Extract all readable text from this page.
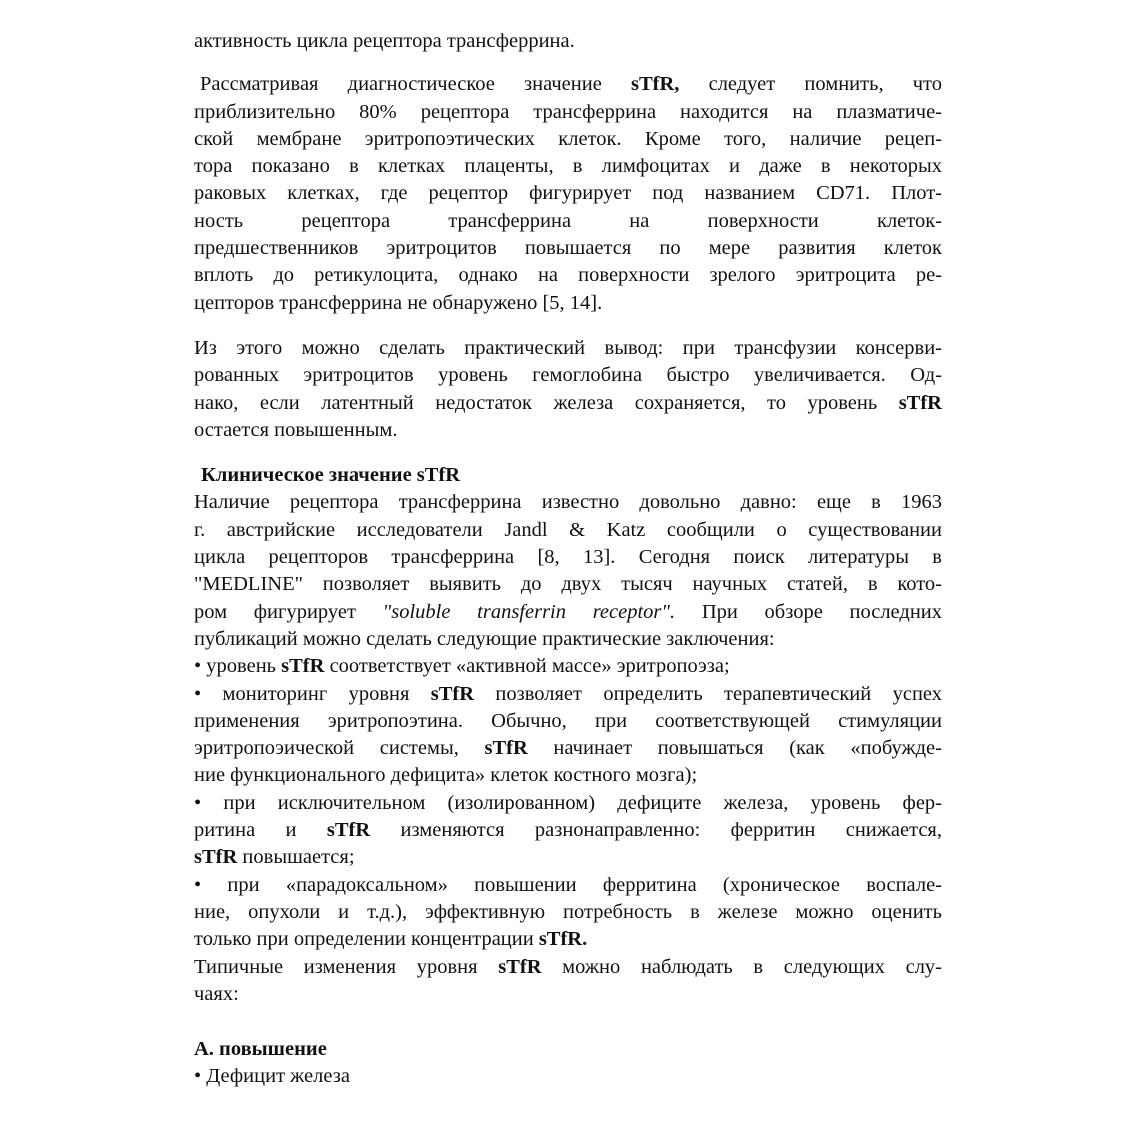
активность цикла рецептора трансферрина.
Рассматривая диагностическое значение sTfR, следует помнить, что
приблизительно 80% рецептора трансферрина находится на плазматиче-
ской мембране эритропоэтических клеток. Кроме того, наличие рецеп-
тора показано в клетках плаценты, в лимфоцитах и даже в некоторых
раковых клетках, где рецептор фигурирует под названием CD71. Плот-
ность рецептора трансферрина на поверхности клеток-
предшественников эритроцитов повышается по мере развития клеток
вплоть до ретикулоцита, однако на поверхности зрелого эритроцита ре-
цепторов трансферрина не обнаружено [5, 14].
Из этого можно сделать практический вывод: при трансфузии консерви-
рованных эритроцитов уровень гемоглобина быстро увеличивается. Од-
нако, если латентный недостаток железа сохраняется, то уровень sTfR
остается повышенным.
Клиническое значение sTfR
Наличие рецептора трансферрина известно довольно давно: еще в 1963
г. австрийские исследователи Jandl & Katz сообщили о существовании
цикла рецепторов трансферрина [8, 13]. Сегодня поиск литературы в
"MEDLINE" позволяет выявить до двух тысяч научных статей, в кото-
ром фигурирует "soluble transferrin receptor". При обзоре последних
публикаций можно сделать следующие практические заключения:
• уровень sTfR соответствует «активной массе» эритропоэза;
• мониторинг уровня sTfR позволяет определить терапевтический успех
применения эритропоэтина. Обычно, при соответствующей стимуляции
эритропоэической системы, sTfR начинает повышаться (как «побужде-
ние функционального дефицита» клеток костного мозга);
• при исключительном (изолированном) дефиците железа, уровень фер-
ритина и sTfR изменяются разнонаправленно: ферритин снижается,
sTfR повышается;
• при «парадоксальном» повышении ферритина (хроническое воспале-
ние, опухоли и т.д.), эффективную потребность в железе можно оценить
только при определении концентрации sTfR.
Типичные изменения уровня sTfR можно наблюдать в следующих слу-
чаях:
А. повышение
• Дефицит железа
